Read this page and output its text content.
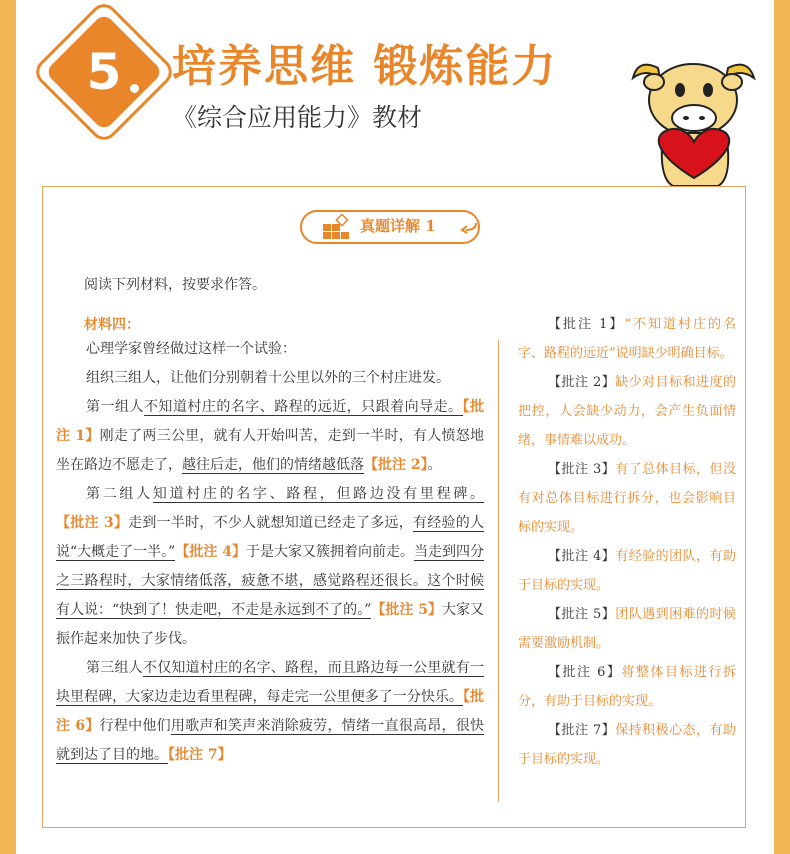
5	培养思维 锻炼能力
《综合应用能力》教材
真题详解 1
阅读下列材料，按要求作答。
材料四：

心理学家曾经做过这样一个试验：

组织三组人，让他们分别朝着十公里以外的三个村庄进发。

第一组人不知道村庄的名字、路程的远近，只跟着向导走。【批注 1】刚走了两三公里，就有人开始叫苦，走到一半时，有人愤怒地坐在路边不愿走了，越往后走，他们的情绪越低落【批注 2】。

第二组人知道村庄的名字、路程，但路边没有里程碑。【批注 3】走到一半时，不少人就想知道已经走了多远，有经验的人说“大概走了一半。”【批注 4】于是大家又簇拥着向前走。当走到四分之三路程时，大家情绪低落，疲惫不堪，感觉路程还很长。这个时候有人说：“快到了！快走吧，不走是永远到不了的。”【批注 5】大家又振作起来加快了步伐。

第三组人不仅知道村庄的名字、路程，而且路边每一公里就有一块里程碑，大家边走边看里程碑，每走完一公里便多了一分快乐。【批注 6】行程中他们用歌声和笑声来消除疲劳，情绪一直很高昂，很快就到达了目的地。【批注 7】

【批注 1】“不知道村庄的名字、路程的远近”说明缺少明确目标。

【批注 2】缺少对目标和进度的把控，人会缺少动力，会产生负面情绪，事情难以成功。

【批注 3】有了总体目标，但没有对总体目标进行拆分，也会影响目标的实现。

【批注 4】有经验的团队，有助于目标的实现。

【批注 5】团队遇到困难的时候需要激励机制。

【批注 6】将整体目标进行拆分，有助于目标的实现。

【批注 7】保持积极心态，有助于目标的实现。
